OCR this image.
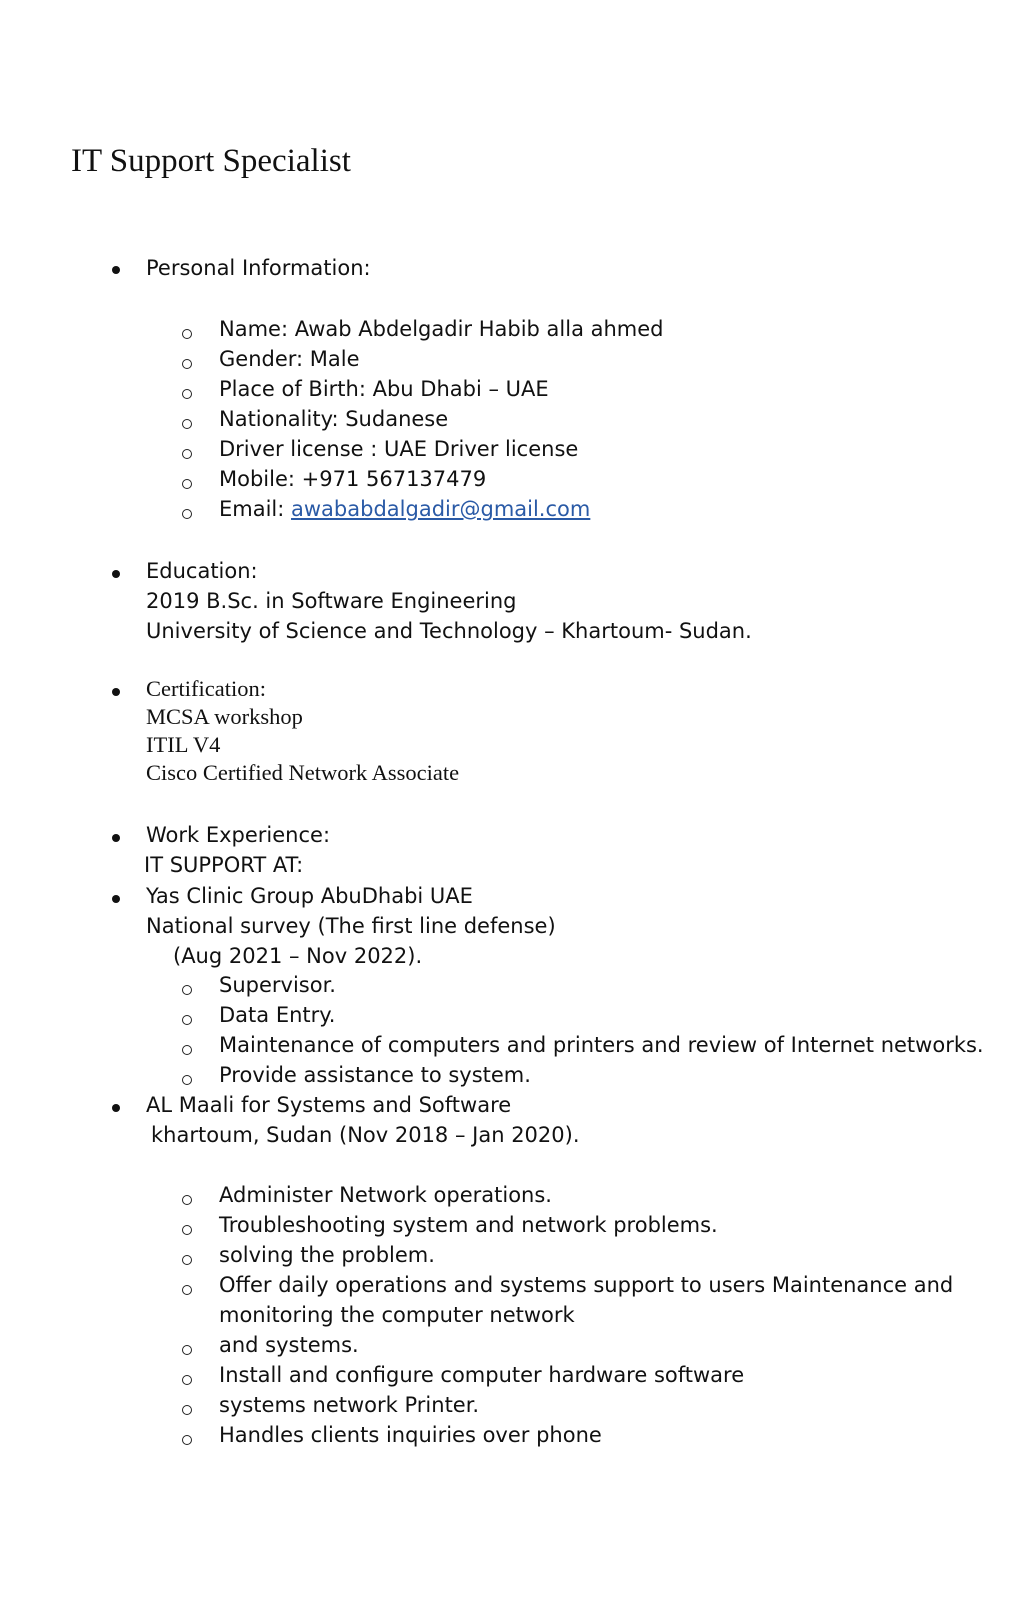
IT Support Specialist
Personal Information:
Name: Awab Abdelgadir Habib alla ahmed
Gender: Male
Place of Birth: Abu Dhabi – UAE
Nationality: Sudanese
Driver license : UAE Driver license
Mobile: +971 567137479
Email: awababdalgadir@gmail.com
Education:
2019 B.Sc. in Software Engineering
University of Science and Technology – Khartoum- Sudan.
Certification:
MCSA workshop
ITIL V4
Cisco Certified Network Associate
Work Experience:
IT SUPPORT AT:
Yas Clinic Group AbuDhabi UAE
National survey (The first line defense)
(Aug 2021 – Nov 2022).
Supervisor.
Data Entry.
Maintenance of computers and printers and review of Internet networks.
Provide assistance to system.
AL Maali for Systems and Software
khartoum, Sudan (Nov 2018 – Jan 2020).
Administer Network operations.
Troubleshooting system and network problems.
solving the problem.
Offer daily operations and systems support to users Maintenance and
monitoring the computer network
and systems.
Install and configure computer hardware software
systems network Printer.
Handles clients inquiries over phone
